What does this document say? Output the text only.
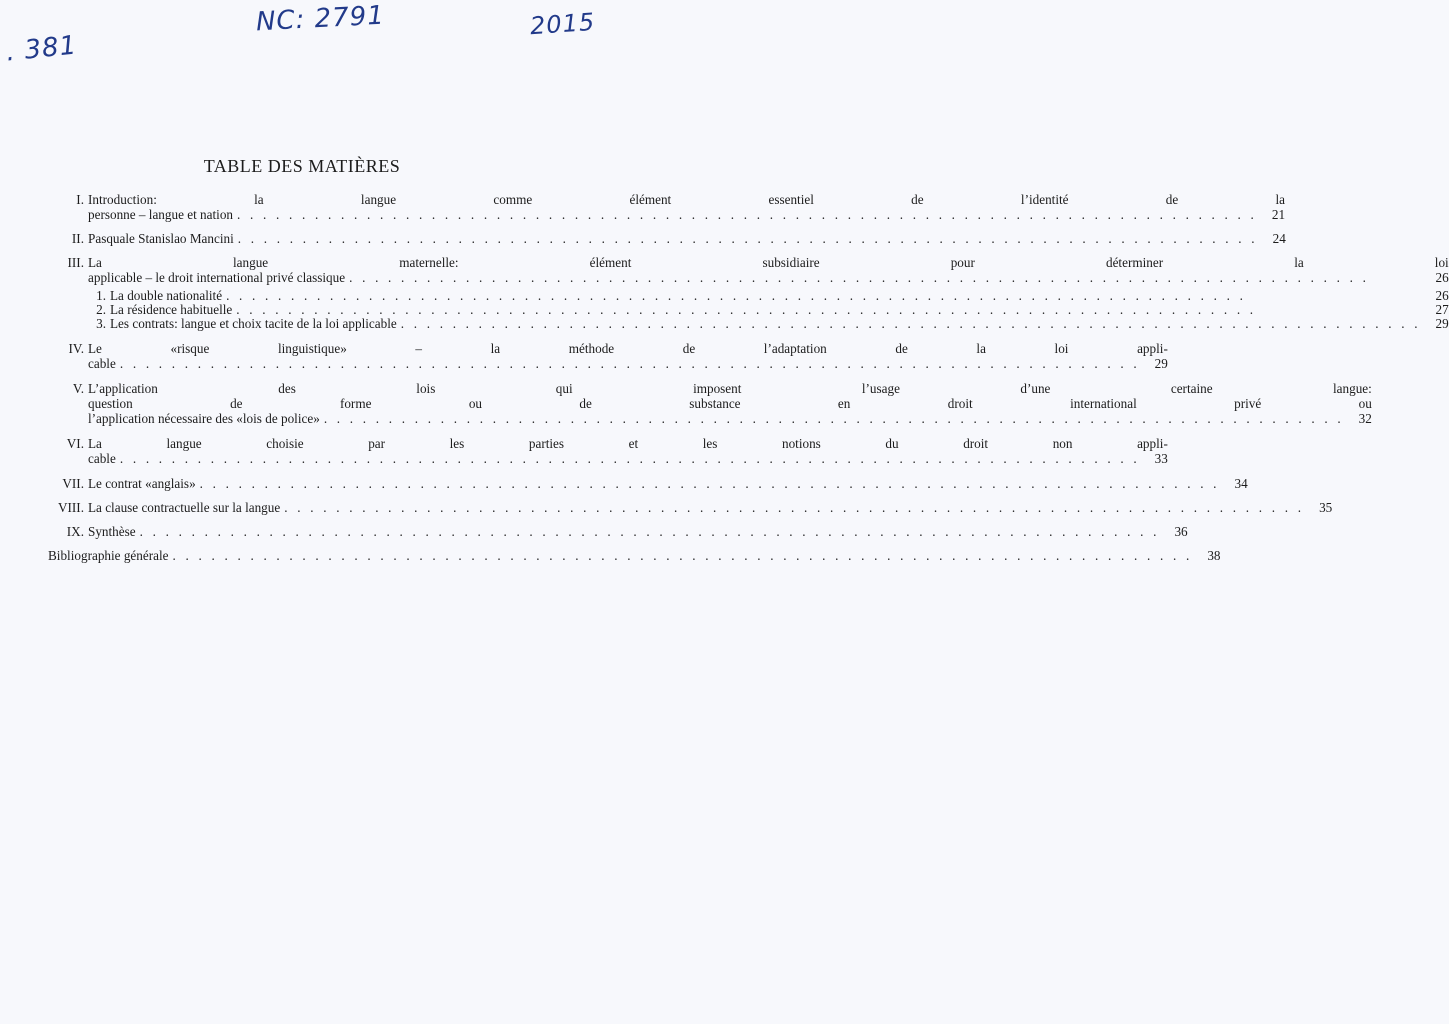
. 381
NC: 2791	2015
TABLE DES MATIÈRES
I. Introduction: la langue comme élément essentiel de l’identité de la
personne – langue et nation . . .	21
II. Pasquale Stanislao Mancini . . .	24
III. La langue maternelle: élément subsidiaire pour déterminer la loi
applicable – le droit international privé classique . . .	26
1. La double nationalité . . .	26
2. La résidence habituelle . . .	27
3. Les contrats: langue et choix tacite de la loi applicable . . .	29
IV. Le «risque linguistique» – la méthode de l’adaptation de la loi appli-
cable . . .	29
V. L’application des lois qui imposent l’usage d’une certaine langue:
question de forme ou de substance en droit international privé ou
l’application nécessaire des «lois de police» . . .	32
VI. La langue choisie par les parties et les notions du droit non appli-
cable . . .	33
VII. Le contrat «anglais» . . .	34
VIII. La clause contractuelle sur la langue . . .	35
IX. Synthèse . . .	36
Bibliographie générale . . .	38
